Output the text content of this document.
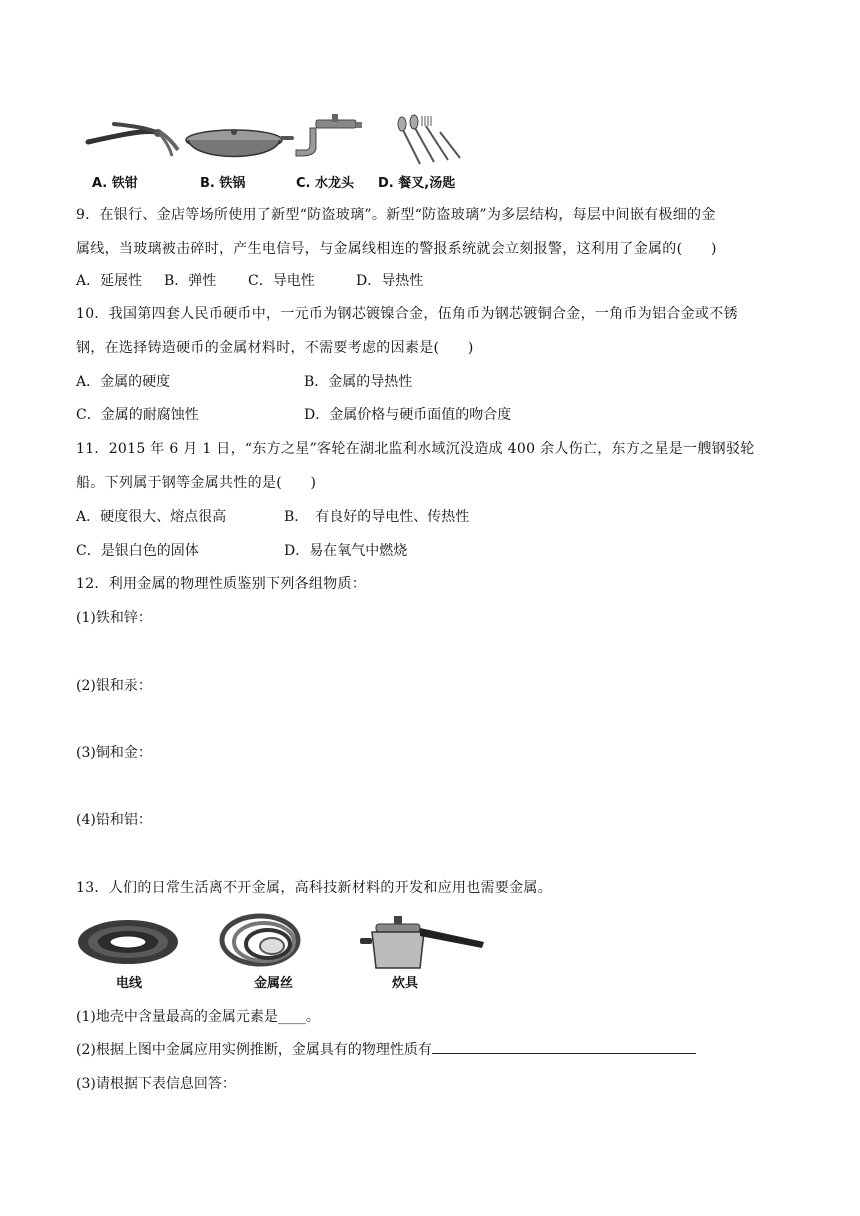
A. 铁钳	B. 铁锅	C. 水龙头 D. 餐叉,汤匙
9．在银行、金店等场所使用了新型“防盗玻璃”。新型“防盗玻璃”为多层结构，每层中间嵌有极细的金
属线，当玻璃被击碎时，产生电信号，与金属线相连的警报系统就会立刻报警，这利用了金属的(　　)
A．延展性 B．弹性 C．导电性	D．导热性
10．我国第四套人民币硬币中，一元币为钢芯镀镍合金，伍角币为钢芯镀铜合金，一角币为铝合金或不锈
钢，在选择铸造硬币的金属材料时，不需要考虑的因素是(　　)
A．金属的硬度	B．金属的导热性
C．金属的耐腐蚀性	D．金属价格与硬币面值的吻合度
11．2015 年 6 月 1 日，“东方之星”客轮在湖北监利水域沉没造成 400 余人伤亡，东方之星是一艘钢驳轮
船。下列属于钢等金属共性的是(　　)
A．硬度很大、熔点很高	B．　有良好的导电性、传热性
C．是银白色的固体	D．易在氧气中燃烧
12．利用金属的物理性质鉴别下列各组物质：
(1)铁和锌：
(2)银和汞：
(3)铜和金：
(4)铅和铝：
13．人们的日常生活离不开金属，高科技新材料的开发和应用也需要金属。
电线	金属丝	炊具
(1)地壳中含量最高的金属元素是____。
(2)根据上图中金属应用实例推断，金属具有的物理性质有
(3)请根据下表信息回答：
